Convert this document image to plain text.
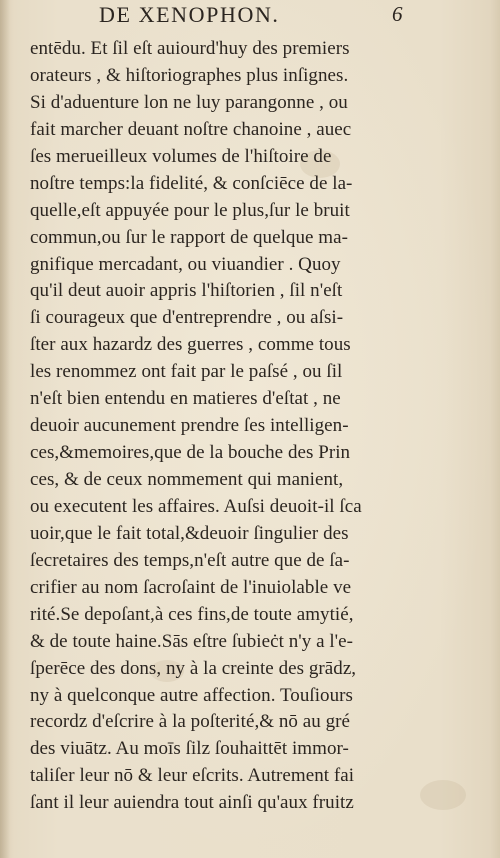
DE XENOPHON.	6
entēdu. Et ſil eſt auiourd'huy des premiers
orateurs , & hiſtoriographes plus inſignes.
Si d'aduenture lon ne luy parangonne , ou
fait marcher deuant noſtre chanoine , auec
ſes merueilleux volumes de l'hiſtoire de
noſtre temps:la fidelité, & conſciēce de la-
quelle,eſt appuyée pour le plus,ſur le bruit
commun,ou ſur le rapport de quelque ma-
gnifique mercadant, ou viuandier . Quoy
qu'il deut auoir appris l'hiſtorien , ſil n'eſt
ſi courageux que d'entreprendre , ou aſsi-
ſter aux hazardz des guerres , comme tous
les renommez ont fait par le paſsé , ou ſil
n'eſt bien entendu en matieres d'eſtat , ne
deuoir aucunement prendre ſes intelligen-
ces,&memoires,que de la bouche des Prin
ces, & de ceux nommement qui manient,
ou executent les affaires. Auſsi deuoit-il ſca
uoir,que le fait total,&deuoir ſingulier des
ſecretaires des temps,n'eſt autre que de ſa-
crifier au nom ſacroſaint de l'inuiolable ve
rité.Se depoſant,à ces fins,de toute amytié,
& de toute haine.Sās eſtre ſubieċt n'y a l'e-
ſperēce des dons, ny à la creinte des grādz,
ny à quelconque autre affection. Touſiours
recordz d'eſcrire à la poſterité,& nō au gré
des viuātz. Au moīs ſilz ſouhaittēt immor-
taliſer leur nō & leur eſcrits. Autrement fai
ſant il leur auiendra tout ainſi qu'aux fruitz
